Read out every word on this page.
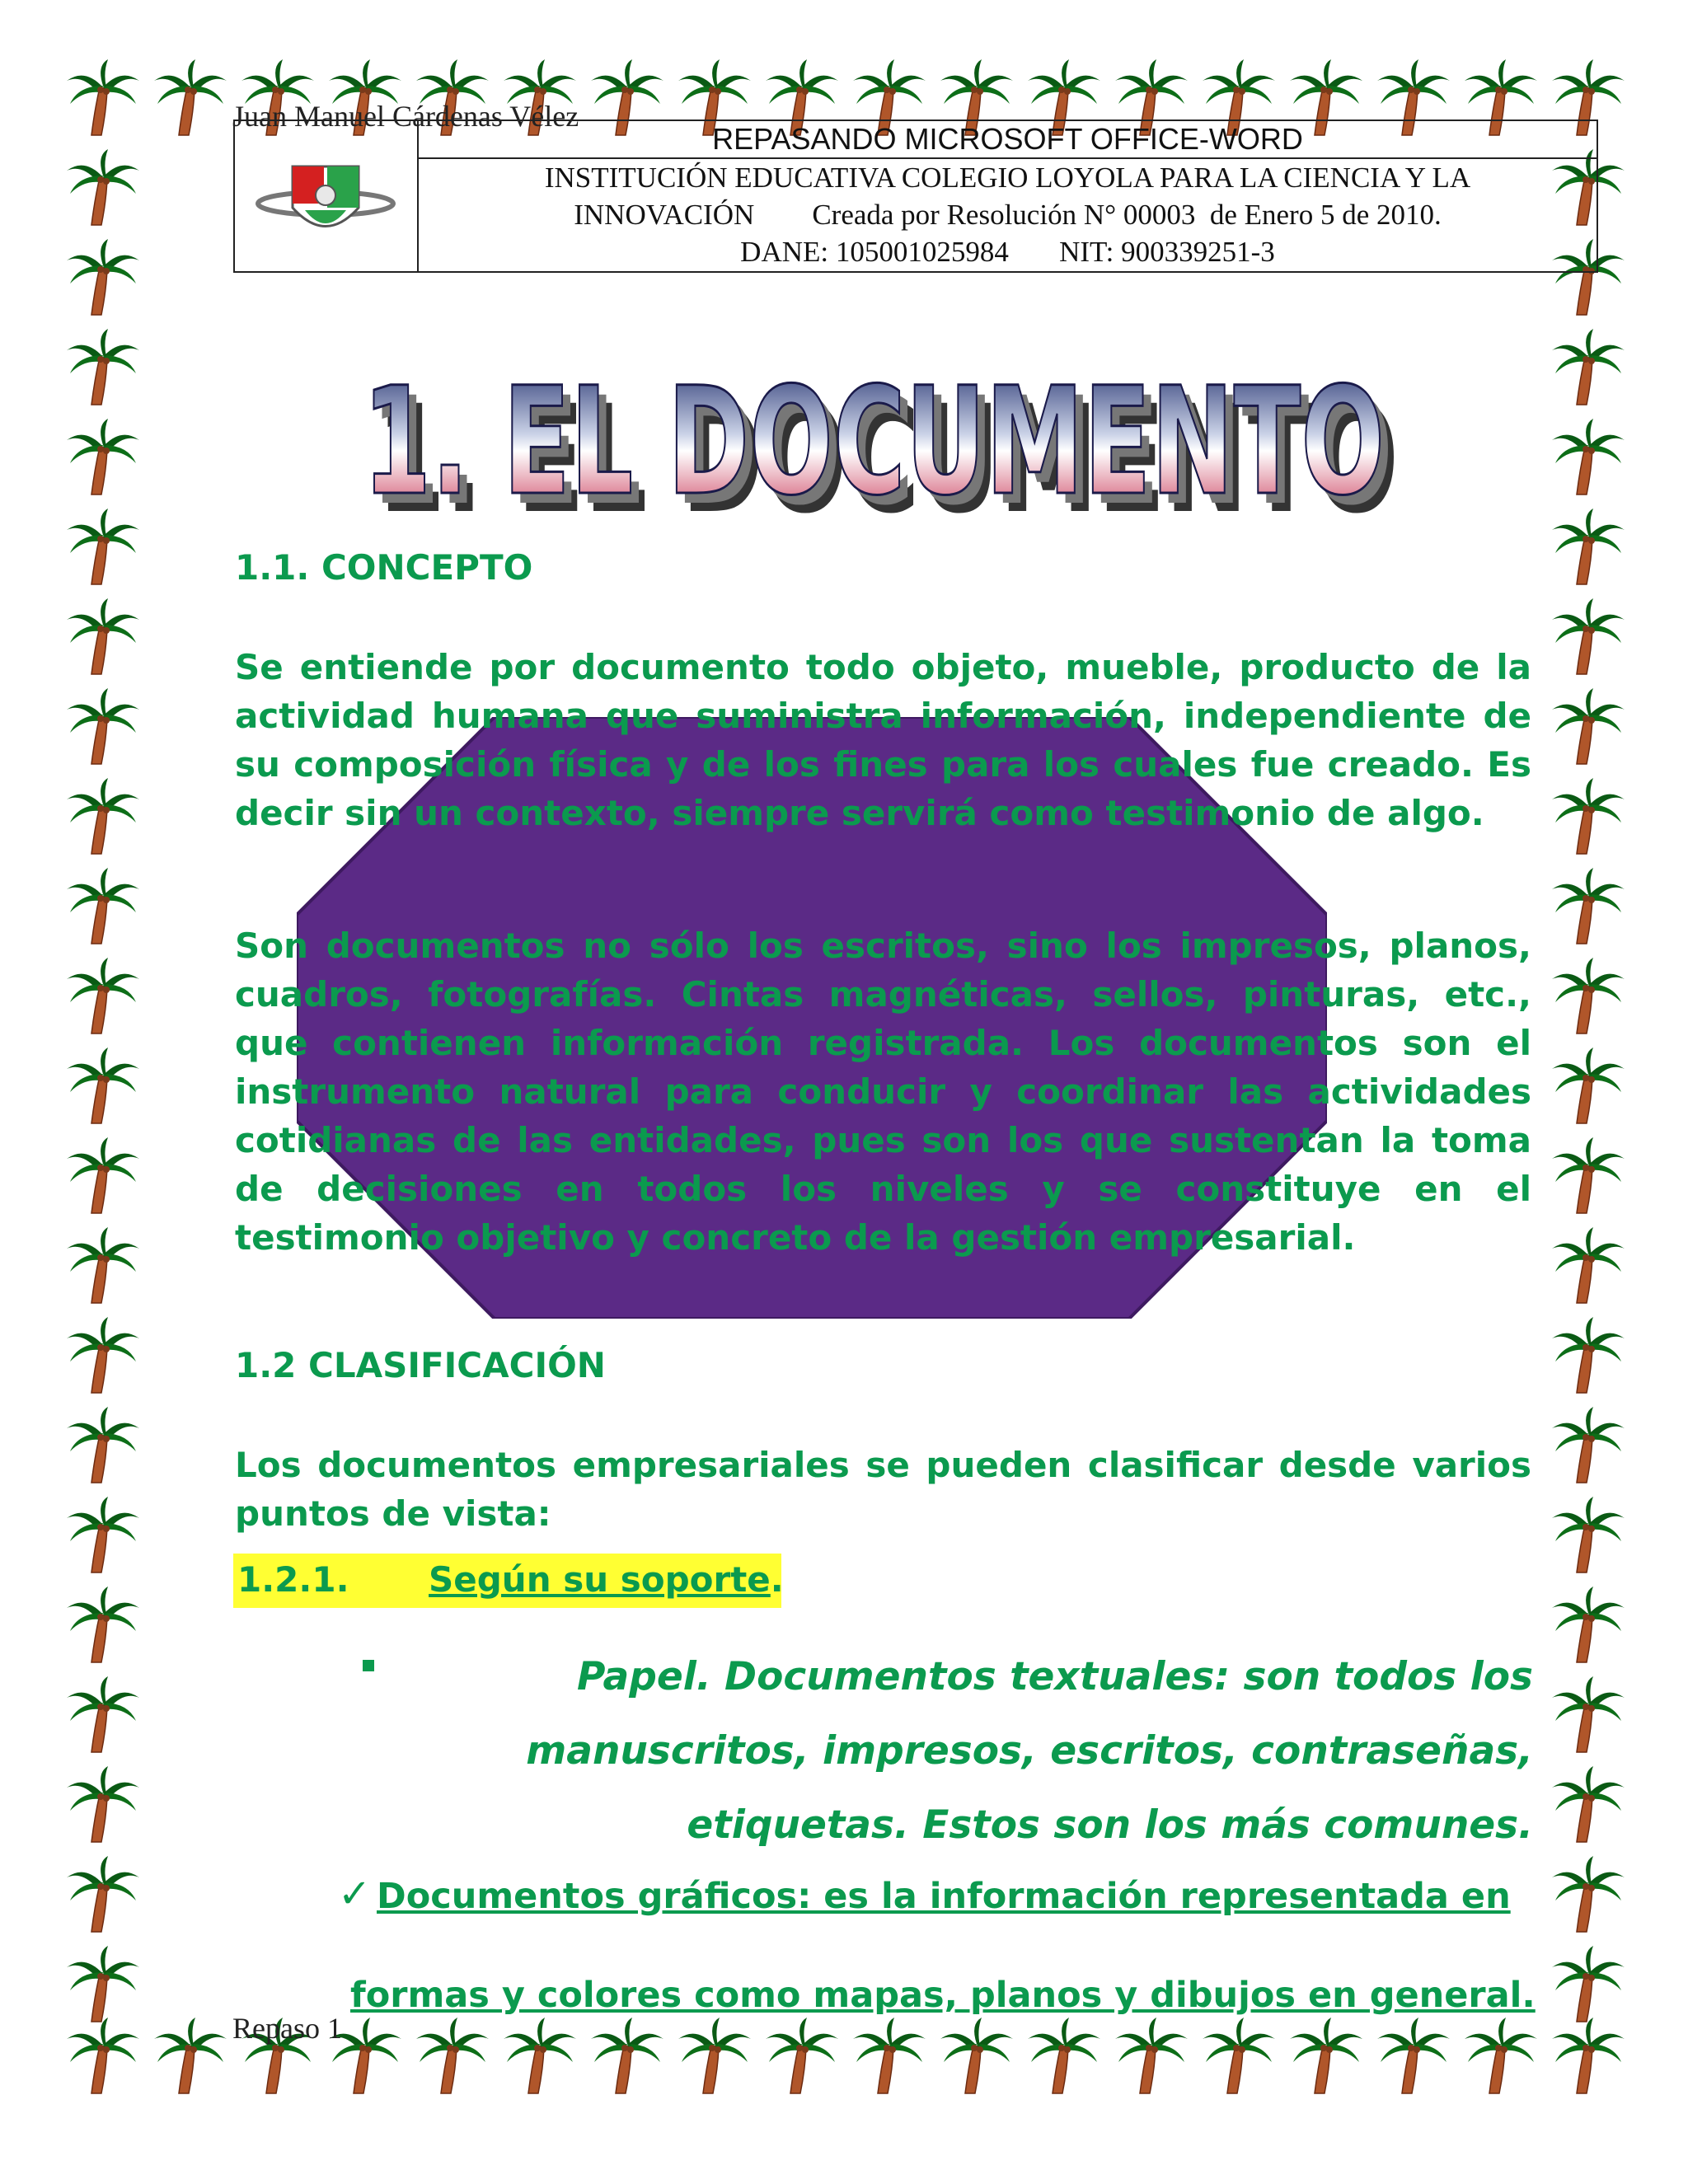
Juan Manuel Cárdenas Vélez
REPASANDO MICROSOFT OFFICE-WORD
INSTITUCIÓN EDUCATIVA COLEGIO LOYOLA PARA LA CIENCIA Y LA
INNOVACIÓN        Creada por Resolución N° 00003  de Enero 5 de 2010.
DANE: 105001025984       NIT: 900339251-3
1. EL DOCUMENTO
1. EL DOCUMENTO
1. EL DOCUMENTO
1.1. CONCEPTO

Se entiende por documento todo objeto, mueble, producto de la actividad humana que suministra información, independiente de su composición física y de los fines para los cuales fue creado. Es decir sin un contexto, siempre servirá como testimonio de algo.

Son documentos no sólo los escritos, sino los impresos, planos, cuadros, fotografías. Cintas magnéticas, sellos, pinturas, etc., que contienen información registrada. Los documentos son el instrumento natural para conducir y coordinar las actividades cotidianas de las entidades, pues son los que sustentan la toma de decisiones en todos los niveles y se constituye en el testimonio objetivo y concreto de la gestión empresarial.

1.2 CLASIFICACIÓN

Los documentos empresariales se pueden clasificar desde varios puntos de vista:

1.2.1. Según su soporte.
Papel. Documentos textuales: son todos los manuscritos, impresos, escritos, contraseñas, etiquetas. Estos son los más comunes.
✓ Documentos gráficos: es la información representada en
formas y colores como mapas, planos y dibujos en general.
Repaso 1
